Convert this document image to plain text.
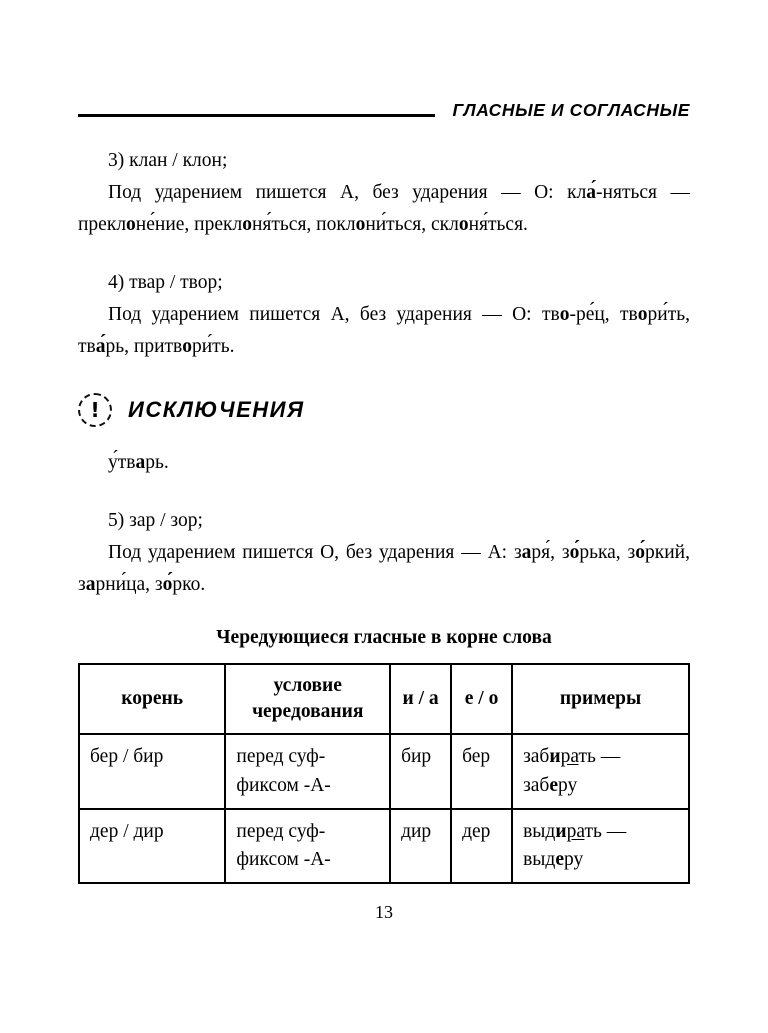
ГЛАСНЫЕ И СОГЛАСНЫЕ

3) клан / клон;

Под ударением пишется А, без ударения — О: кла́-няться — преклоне́ние, преклоня́ться, поклони́ться, склоня́ться.

4) твар / твор;

Под ударением пишется А, без ударения — О: тво-ре́ц, твори́ть, тва́рь, притвори́ть.

! ИСКЛЮЧЕНИЯ

у́тварь.

5) зар / зор;

Под ударением пишется О, без ударения — А: заря́, зо́рька, зо́ркий, зарни́ца, зо́рко.

Чередующиеся гласные в корне слова
корень	условие чередования	и / а	е / о	примеры
бер / бир	перед суф-фиксом -А-	бир	бер	забирать — заберу
дер / дир	перед суф-фиксом -А-	дир	дер	выдирать — выдеру
13
